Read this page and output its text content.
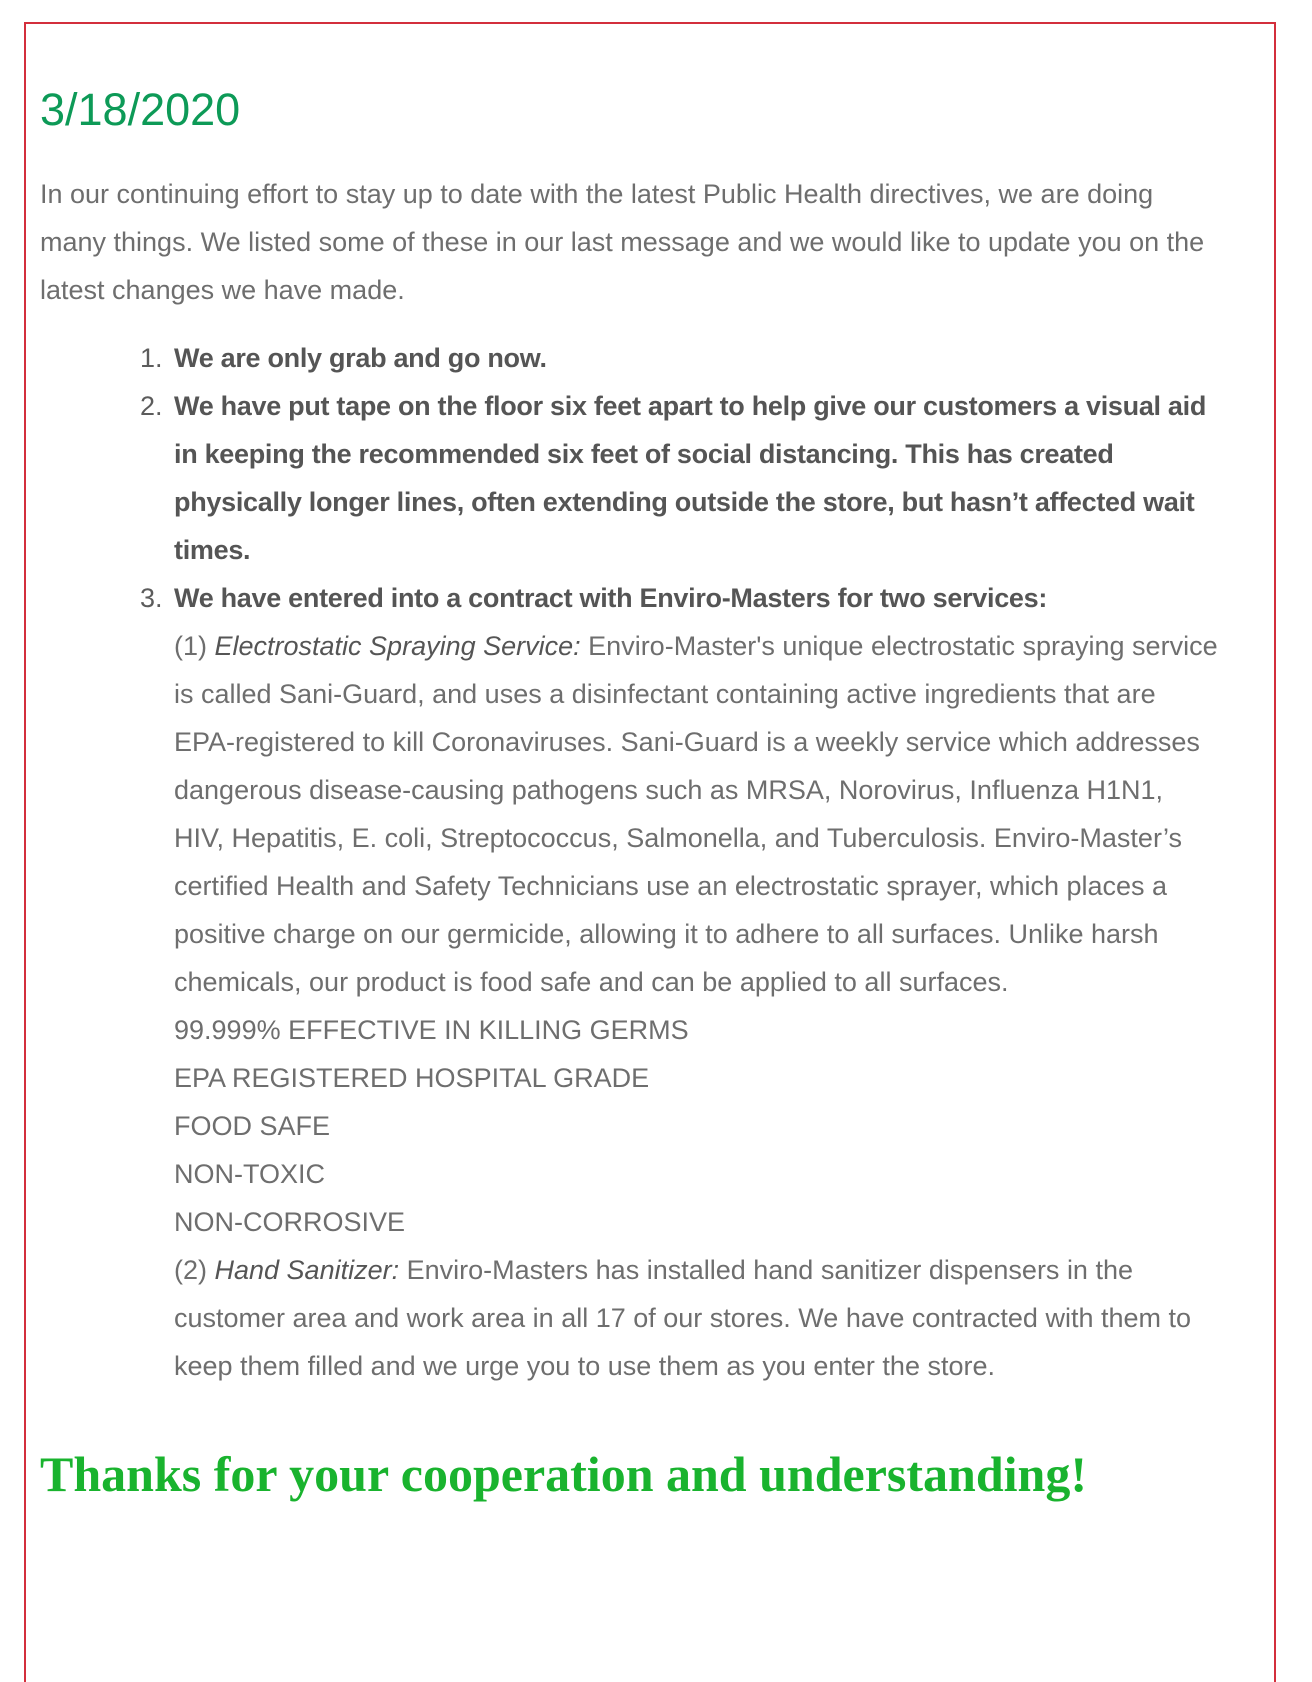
3/18/2020

In our continuing effort to stay up to date with the latest Public Health directives, we are doing many things. We listed some of these in our last message and we would like to update you on the latest changes we have made.

1. We are only grab and go now.
2. We have put tape on the floor six feet apart to help give our customers a visual aid in keeping the recommended six feet of social distancing. This has created physically longer lines, often extending outside the store, but hasn’t affected wait times.
3. We have entered into a contract with Enviro-Masters for two services:
(1) Electrostatic Spraying Service: Enviro-Master's unique electrostatic spraying service is called Sani-Guard, and uses a disinfectant containing active ingredients that are EPA-registered to kill Coronaviruses. Sani-Guard is a weekly service which addresses dangerous disease-causing pathogens such as MRSA, Norovirus, Influenza H1N1, HIV, Hepatitis, E. coli, Streptococcus, Salmonella, and Tuberculosis. Enviro-Master’s certified Health and Safety Technicians use an electrostatic sprayer, which places a positive charge on our germicide, allowing it to adhere to all surfaces. Unlike harsh chemicals, our product is food safe and can be applied to all surfaces.
99.999% EFFECTIVE IN KILLING GERMS
EPA REGISTERED HOSPITAL GRADE
FOOD SAFE
NON-TOXIC
NON-CORROSIVE
(2) Hand Sanitizer: Enviro-Masters has installed hand sanitizer dispensers in the customer area and work area in all 17 of our stores. We have contracted with them to keep them filled and we urge you to use them as you enter the store.
Thanks for your cooperation and understanding!
